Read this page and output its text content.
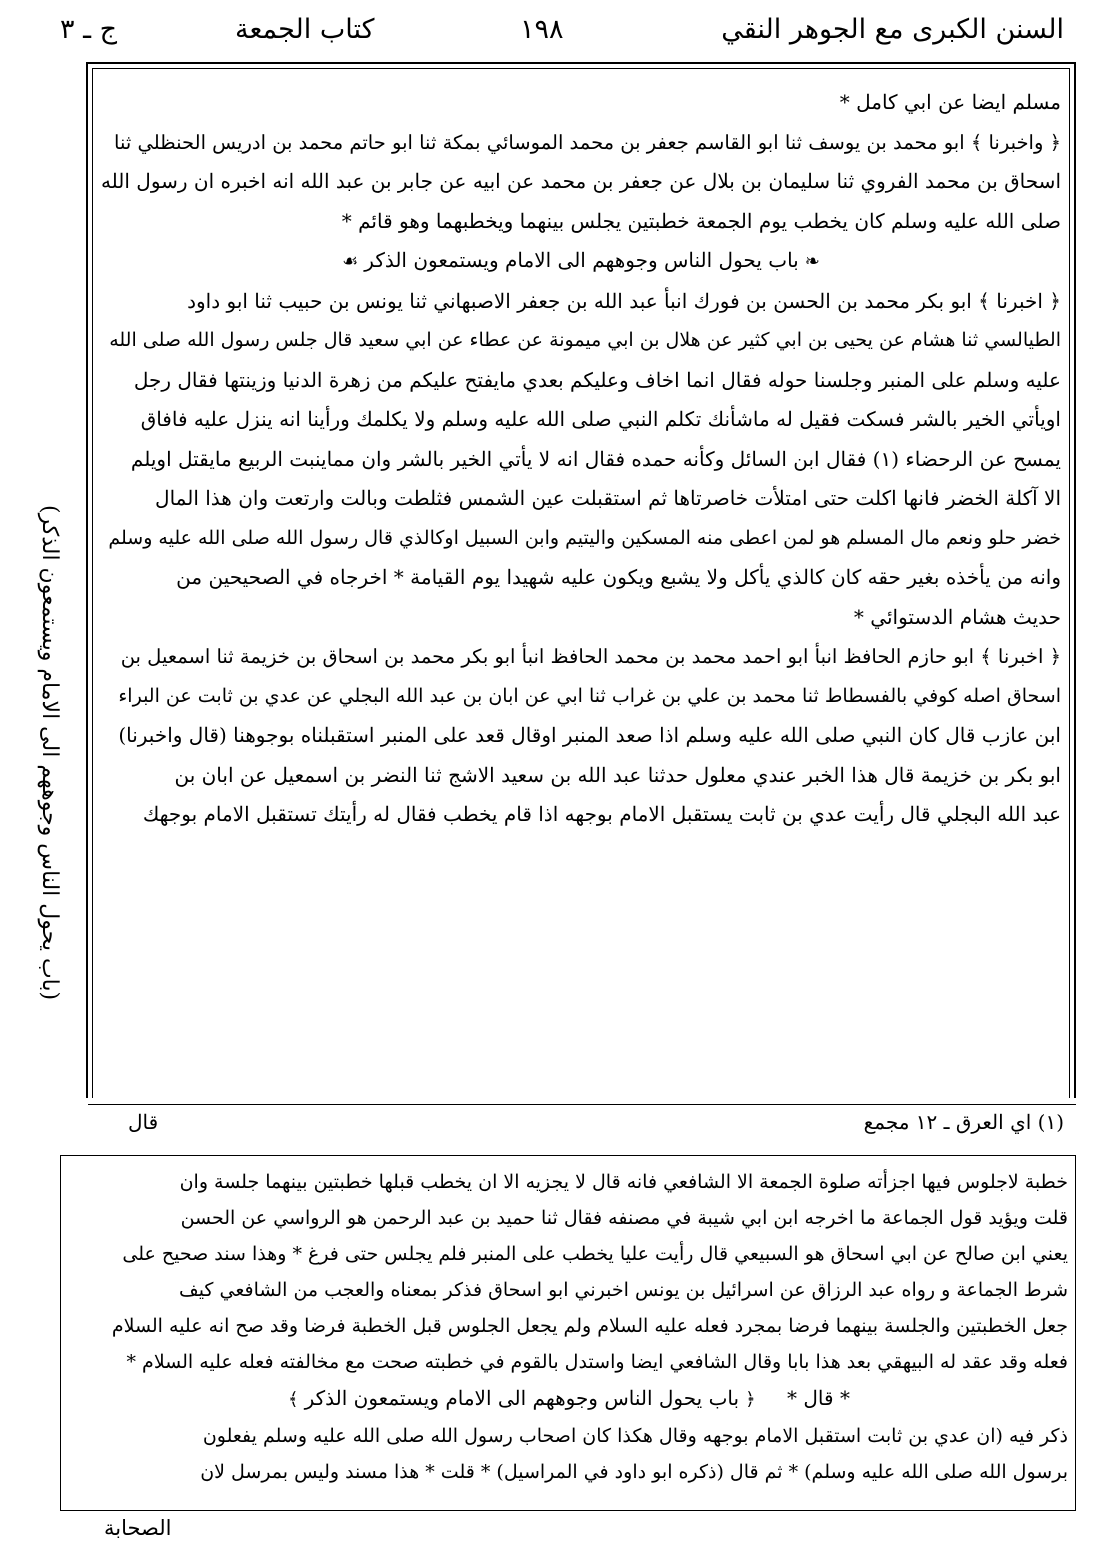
السنن الكبرى مع الجوهر النقي
١٩٨
كتاب الجمعة
ج ـ ٣
(باب يحول الناس وجوههم الى الامام ويستمعون الذكر)

مسلم ايضا عن ابي كامل *

﴿ واخبرنا ﴾ ابو محمد بن يوسف ثنا ابو القاسم جعفر بن محمد الموسائي بمكة ثنا ابو حاتم محمد بن ادريس الحنظلي ثنا

اسحاق بن محمد الفروي ثنا سليمان بن بلال عن جعفر بن محمد عن ابيه عن جابر بن عبد الله انه اخبره ان رسول الله

صلى الله عليه وسلم كان يخطب يوم الجمعة خطبتين يجلس بينهما ويخطبهما وهو قائم *

❧باب يحول الناس وجوههم الى الامام ويستمعون الذكر☙

﴿ اخبرنا ﴾ ابو بكر محمد بن الحسن بن فورك انبأ عبد الله بن جعفر الاصبهاني ثنا يونس بن حبيب ثنا ابو داود

الطيالسي ثنا هشام عن يحيى بن ابي كثير عن هلال بن ابي ميمونة عن عطاء عن ابي سعيد قال جلس رسول الله صلى الله

عليه وسلم على المنبر وجلسنا حوله فقال انما اخاف وعليكم بعدي مايفتح عليكم من زهرة الدنيا وزينتها فقال رجل

اويأتي الخير بالشر فسكت فقيل له ماشأنك تكلم النبي صلى الله عليه وسلم ولا يكلمك ورأينا انه ينزل عليه فافاق

يمسح عن الرحضاء (١) فقال ابن السائل وكأنه حمده فقال انه لا يأتي الخير بالشر وان مماينبت الربيع مايقتل اويلم

الا آكلة الخضر فانها اكلت حتى امتلأت خاصرتاها ثم استقبلت عين الشمس فثلطت وبالت وارتعت وان هذا المال

خضر حلو ونعم مال المسلم هو لمن اعطى منه المسكين واليتيم وابن السبيل اوكالذي قال رسول الله صلى الله عليه وسلم

وانه من يأخذه بغير حقه كان كالذي يأكل ولا يشبع ويكون عليه شهيدا يوم القيامة * اخرجاه في الصحيحين من

حديث هشام الدستوائي *

﴿ اخبرنا ﴾ ابو حازم الحافظ انبأ ابو احمد محمد بن محمد الحافظ انبأ ابو بكر محمد بن اسحاق بن خزيمة ثنا اسمعيل بن

اسحاق اصله كوفي بالفسطاط ثنا محمد بن علي بن غراب ثنا ابي عن ابان بن عبد الله البجلي عن عدي بن ثابت عن البراء

ابن عازب قال كان النبي صلى الله عليه وسلم اذا صعد المنبر اوقال قعد على المنبر استقبلناه بوجوهنا (قال واخبرنا)

ابو بكر بن خزيمة قال هذا الخبر عندي معلول حدثنا عبد الله بن سعيد الاشج ثنا النضر بن اسمعيل عن ابان بن

عبد الله البجلي قال رأيت عدي بن ثابت يستقبل الامام بوجهه اذا قام يخطب فقال له رأيتك تستقبل الامام بوجهك

(١) اي العرق ـ ١٢ مجمع
قال

خطبة لاجلوس فيها اجزأته صلوة الجمعة الا الشافعي فانه قال لا يجزيه الا ان يخطب قبلها خطبتين بينهما جلسة وان

قلت ويؤيد قول الجماعة ما اخرجه ابن ابي شيبة في مصنفه فقال ثنا حميد بن عبد الرحمن هو الرواسي عن الحسن

يعني ابن صالح عن ابي اسحاق هو السبيعي قال رأيت عليا يخطب على المنبر فلم يجلس حتى فرغ * وهذا سند صحيح على

شرط الجماعة و رواه عبد الرزاق عن اسرائيل بن يونس اخبرني ابو اسحاق فذكر بمعناه والعجب من الشافعي كيف

جعل الخطبتين والجلسة بينهما فرضا بمجرد فعله عليه السلام ولم يجعل الجلوس قبل الخطبة فرضا وقد صح انه عليه السلام

فعله وقد عقد له البيهقي بعد هذا بابا وقال الشافعي ايضا واستدل بالقوم في خطبته صحت مع مخالفته فعله عليه السلام *

* قال *    ﴿باب يحول الناس وجوههم الى الامام ويستمعون الذكر﴾

ذكر فيه (ان عدي بن ثابت استقبل الامام بوجهه وقال هكذا كان اصحاب رسول الله صلى الله عليه وسلم يفعلون

برسول الله صلى الله عليه وسلم) * ثم قال (ذكره ابو داود في المراسيل) * قلت * هذا مسند وليس بمرسل لان

الصحابة
